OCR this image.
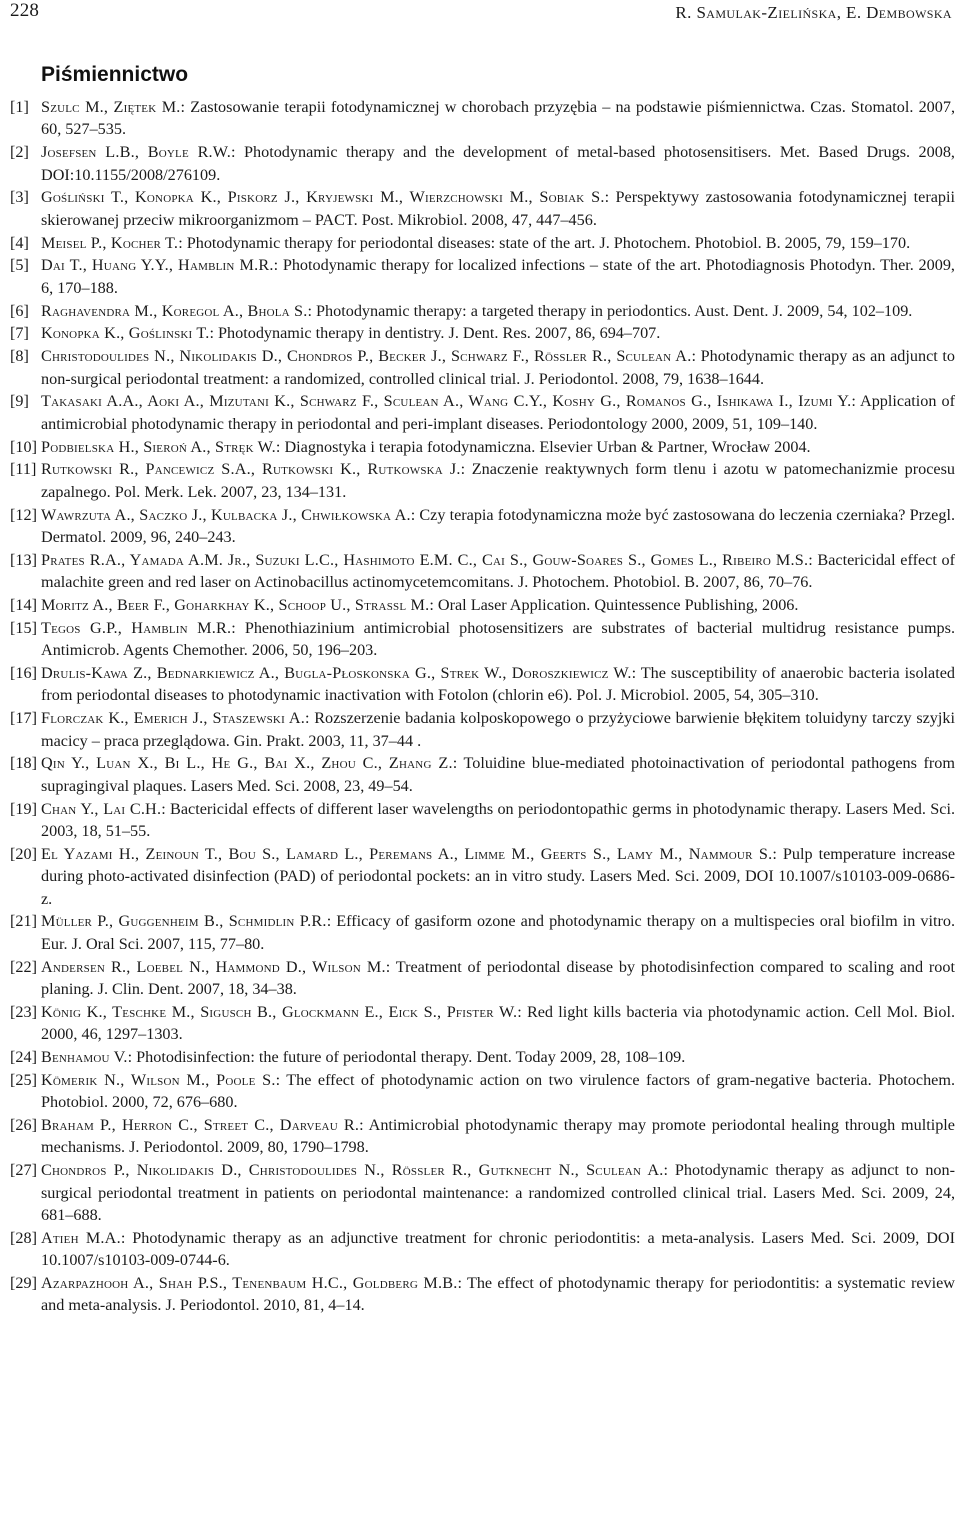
228	R. Samulak-Zielińska, E. Dembowska
Piśmiennictwo
[1] Szulc M., Ziętek M.: Zastosowanie terapii fotodynamicznej w chorobach przyzębia – na podstawie piśmiennictwa. Czas. Stomatol. 2007, 60, 527–535.
[2] Josefsen L.B., Boyle R.W.: Photodynamic therapy and the development of metal-based photosensitisers. Met. Based Drugs. 2008, DOI:10.1155/2008/276109.
[3] Gośliński T., Konopka K., Piskorz J., Kryjewski M., Wierzchowski M., Sobiak S.: Perspektywy zastosowania fotodynamicznej terapii skierowanej przeciw mikroorganizmom – PACT. Post. Mikrobiol. 2008, 47, 447–456.
[4] Meisel P., Kocher T.: Photodynamic therapy for periodontal diseases: state of the art. J. Photochem. Photobiol. B. 2005, 79, 159–170.
[5] Dai T., Huang Y.Y., Hamblin M.R.: Photodynamic therapy for localized infections – state of the art. Photodiagnosis Photodyn. Ther. 2009, 6, 170–188.
[6] Raghavendra M., Koregol A., Bhola S.: Photodynamic therapy: a targeted therapy in periodontics. Aust. Dent. J. 2009, 54, 102–109.
[7] Konopka K., Goślinski T.: Photodynamic therapy in dentistry. J. Dent. Res. 2007, 86, 694–707.
[8] Christodoulides N., Nikolidakis D., Chondros P., Becker J., Schwarz F., Rössler R., Sculean A.: Photodynamic therapy as an adjunct to non-surgical periodontal treatment: a randomized, controlled clinical trial. J. Periodontol. 2008, 79, 1638–1644.
[9] Takasaki A.A., Aoki A., Mizutani K., Schwarz F., Sculean A., Wang C.Y., Koshy G., Romanos G., Ishikawa I., Izumi Y.: Application of antimicrobial photodynamic therapy in periodontal and peri-implant diseases. Periodontology 2000, 2009, 51, 109–140.
[10] Podbielska H., Sieroń A., Stręk W.: Diagnostyka i terapia fotodynamiczna. Elsevier Urban & Partner, Wrocław 2004.
[11] Rutkowski R., Pancewicz S.A., Rutkowski K., Rutkowska J.: Znaczenie reaktywnych form tlenu i azotu w patomechanizmie procesu zapalnego. Pol. Merk. Lek. 2007, 23, 134–131.
[12] Wawrzuta A., Saczko J., Kulbacka J., Chwiłkowska A.: Czy terapia fotodynamiczna może być zastosowana do leczenia czerniaka? Przegl. Dermatol. 2009, 96, 240–243.
[13] Prates R.A., Yamada A.M. Jr., Suzuki L.C., Hashimoto E.M. C., Cai S., Gouw-Soares S., Gomes L., Ribeiro M.S.: Bactericidal effect of malachite green and red laser on Actinobacillus actinomycetemcomitans. J. Photochem. Photobiol. B. 2007, 86, 70–76.
[14] Moritz A., Beer F., Goharkhay K., Schoop U., Strassl M.: Oral Laser Application. Quintessence Publishing, 2006.
[15] Tegos G.P., Hamblin M.R.: Phenothiazinium antimicrobial photosensitizers are substrates of bacterial multidrug resistance pumps. Antimicrob. Agents Chemother. 2006, 50, 196–203.
[16] Drulis-Kawa Z., Bednarkiewicz A., Bugla-Płoskonska G., Strek W., Doroszkiewicz W.: The susceptibility of anaerobic bacteria isolated from periodontal diseases to photodynamic inactivation with Fotolon (chlorin e6). Pol. J. Microbiol. 2005, 54, 305–310.
[17] Florczak K., Emerich J., Staszewski A.: Rozszerzenie badania kolposkopowego o przyżyciowe barwienie błękitem toluidyny tarczy szyjki macicy – praca przeglądowa. Gin. Prakt. 2003, 11, 37–44 .
[18] Qin Y., Luan X., Bi L., He G., Bai X., Zhou C., Zhang Z.: Toluidine blue-mediated photoinactivation of periodontal pathogens from supragingival plaques. Lasers Med. Sci. 2008, 23, 49–54.
[19] Chan Y., Lai C.H.: Bactericidal effects of different laser wavelengths on periodontopathic germs in photodynamic therapy. Lasers Med. Sci. 2003, 18, 51–55.
[20] El Yazami H., Zeinoun T., Bou S., Lamard L., Peremans A., Limme M., Geerts S., Lamy M., Nammour S.: Pulp temperature increase during photo-activated disinfection (PAD) of periodontal pockets: an in vitro study. Lasers Med. Sci. 2009, DOI 10.1007/s10103-009-0686-z.
[21] Müller P., Guggenheim B., Schmidlin P.R.: Efficacy of gasiform ozone and photodynamic therapy on a multispecies oral biofilm in vitro. Eur. J. Oral Sci. 2007, 115, 77–80.
[22] Andersen R., Loebel N., Hammond D., Wilson M.: Treatment of periodontal disease by photodisinfection compared to scaling and root planing. J. Clin. Dent. 2007, 18, 34–38.
[23] König K., Teschke M., Sigusch B., Glockmann E., Eick S., Pfister W.: Red light kills bacteria via photodynamic action. Cell Mol. Biol. 2000, 46, 1297–1303.
[24] Benhamou V.: Photodisinfection: the future of periodontal therapy. Dent. Today 2009, 28, 108–109.
[25] Kömerik N., Wilson M., Poole S.: The effect of photodynamic action on two virulence factors of gram-negative bacteria. Photochem. Photobiol. 2000, 72, 676–680.
[26] Braham P., Herron C., Street C., Darveau R.: Antimicrobial photodynamic therapy may promote periodontal healing through multiple mechanisms. J. Periodontol. 2009, 80, 1790–1798.
[27] Chondros P., Nikolidakis D., Christodoulides N., Rössler R., Gutknecht N., Sculean A.: Photodynamic therapy as adjunct to non-surgical periodontal treatment in patients on periodontal maintenance: a randomized controlled clinical trial. Lasers Med. Sci. 2009, 24, 681–688.
[28] Atieh M.A.: Photodynamic therapy as an adjunctive treatment for chronic periodontitis: a meta-analysis. Lasers Med. Sci. 2009, DOI 10.1007/s10103-009-0744-6.
[29] Azarpazhooh A., Shah P.S., Tenenbaum H.C., Goldberg M.B.: The effect of photodynamic therapy for periodontitis: a systematic review and meta-analysis. J. Periodontol. 2010, 81, 4–14.
